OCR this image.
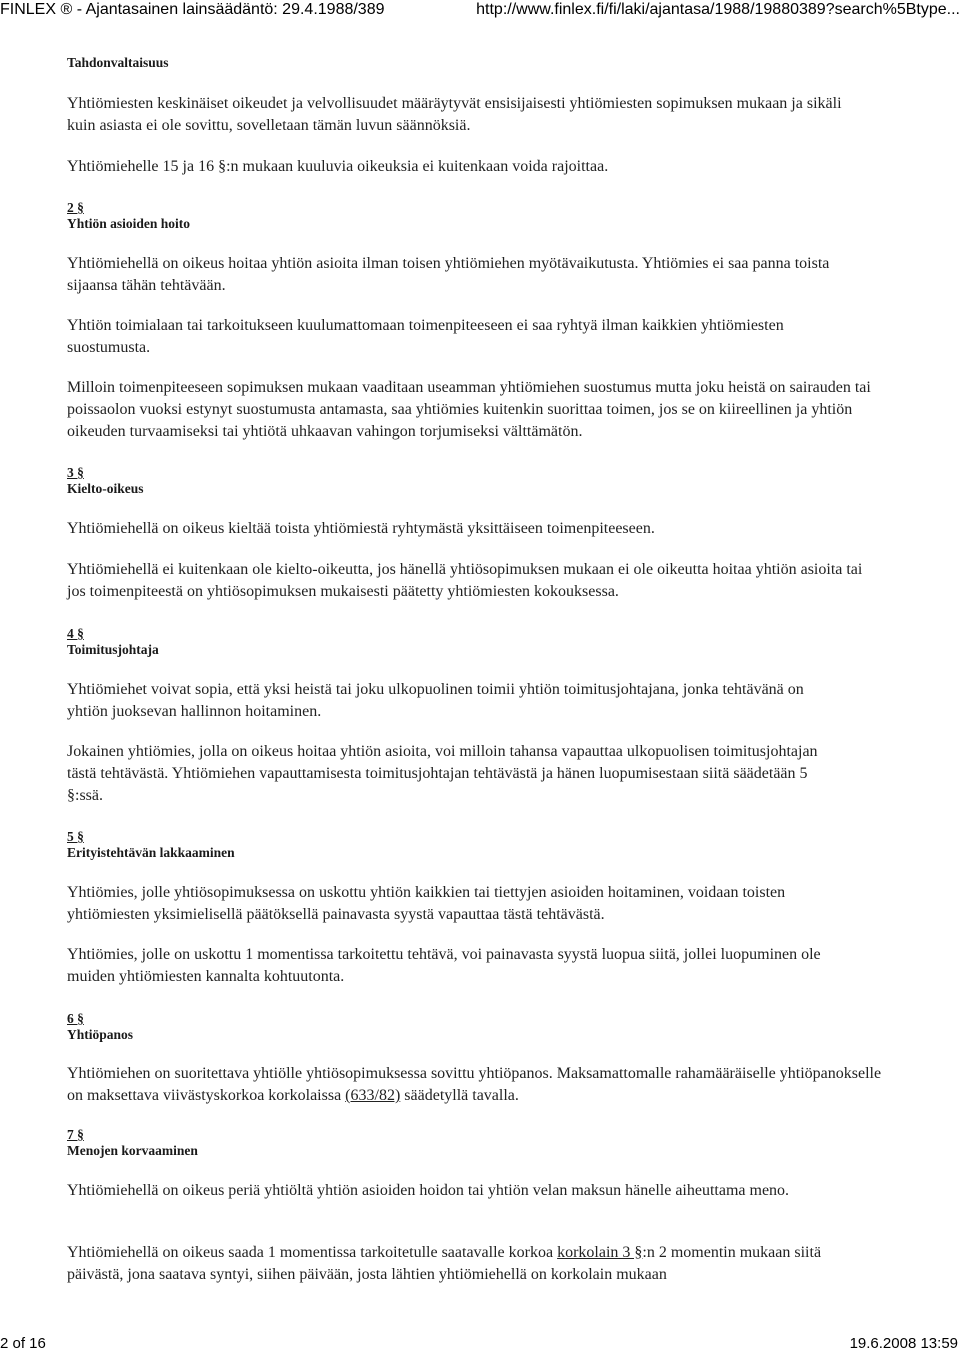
FINLEX ® - Ajantasainen lainsäädäntö: 29.4.1988/389	http://www.finlex.fi/fi/laki/ajantasa/1988/19880389?search%5Btype...

Tahdonvaltaisuus

Yhtiömiesten keskinäiset oikeudet ja velvollisuudet määräytyvät ensisijaisesti yhtiömiesten sopimuksen mukaan ja sikäli kuin asiasta ei ole sovittu, sovelletaan tämän luvun säännöksiä.

Yhtiömiehelle 15 ja 16 §:n mukaan kuuluvia oikeuksia ei kuitenkaan voida rajoittaa.

2 §

Yhtiön asioiden hoito

Yhtiömiehellä on oikeus hoitaa yhtiön asioita ilman toisen yhtiömiehen myötävaikutusta. Yhtiömies ei saa panna toista sijaansa tähän tehtävään.

Yhtiön toimialaan tai tarkoitukseen kuulumattomaan toimenpiteeseen ei saa ryhtyä ilman kaikkien yhtiömiesten suostumusta.

Milloin toimenpiteeseen sopimuksen mukaan vaaditaan useamman yhtiömiehen suostumus mutta joku heistä on sairauden tai poissaolon vuoksi estynyt suostumusta antamasta, saa yhtiömies kuitenkin suorittaa toimen, jos se on kiireellinen ja yhtiön oikeuden turvaamiseksi tai yhtiötä uhkaavan vahingon torjumiseksi välttämätön.

3 §

Kielto-oikeus

Yhtiömiehellä on oikeus kieltää toista yhtiömiestä ryhtymästä yksittäiseen toimenpiteeseen.

Yhtiömiehellä ei kuitenkaan ole kielto-oikeutta, jos hänellä yhtiösopimuksen mukaan ei ole oikeutta hoitaa yhtiön asioita tai jos toimenpiteestä on yhtiösopimuksen mukaisesti päätetty yhtiömiesten kokouksessa.

4 §

Toimitusjohtaja

Yhtiömiehet voivat sopia, että yksi heistä tai joku ulkopuolinen toimii yhtiön toimitusjohtajana, jonka tehtävänä on yhtiön juoksevan hallinnon hoitaminen.

Jokainen yhtiömies, jolla on oikeus hoitaa yhtiön asioita, voi milloin tahansa vapauttaa ulkopuolisen toimitusjohtajan tästä tehtävästä. Yhtiömiehen vapauttamisesta toimitusjohtajan tehtävästä ja hänen luopumisestaan siitä säädetään 5 §:ssä.

5 §

Erityistehtävän lakkaaminen

Yhtiömies, jolle yhtiösopimuksessa on uskottu yhtiön kaikkien tai tiettyjen asioiden hoitaminen, voidaan toisten yhtiömiesten yksimielisellä päätöksellä painavasta syystä vapauttaa tästä tehtävästä.

Yhtiömies, jolle on uskottu 1 momentissa tarkoitettu tehtävä, voi painavasta syystä luopua siitä, jollei luopuminen ole muiden yhtiömiesten kannalta kohtuutonta.

6 §

Yhtiöpanos

Yhtiömiehen on suoritettava yhtiölle yhtiösopimuksessa sovittu yhtiöpanos. Maksamattomalle rahamääräiselle yhtiöpanokselle on maksettava viivästyskorkoa korkolaissa (633/82) säädetyllä tavalla.

7 §

Menojen korvaaminen

Yhtiömiehellä on oikeus periä yhtiöltä yhtiön asioiden hoidon tai yhtiön velan maksun hänelle aiheuttama meno.

Yhtiömiehellä on oikeus saada 1 momentissa tarkoitetulle saatavalle korkoa korkolain 3 §:n 2 momentin mukaan siitä päivästä, jona saatava syntyi, siihen päivään, josta lähtien yhtiömiehellä on korkolain mukaan

2 of 16	19.6.2008 13:59
